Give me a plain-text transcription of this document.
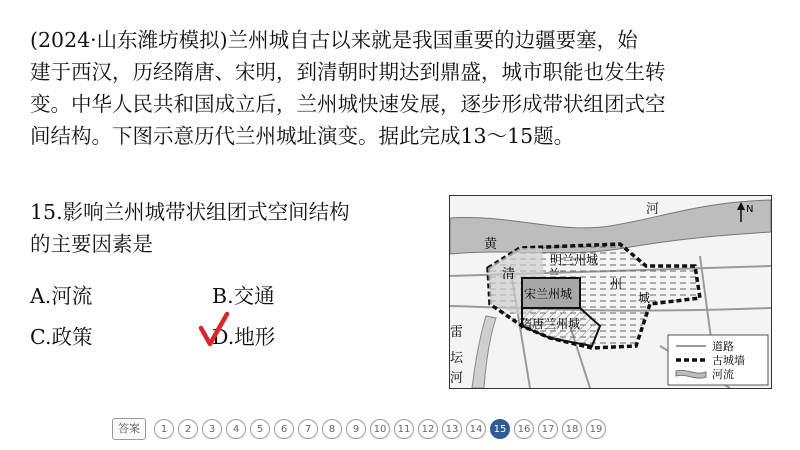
(2024·山东潍坊模拟)兰州城自古以来就是我国重要的边疆要塞，始
建于西汉，历经隋唐、宋明，到清朝时期达到鼎盛，城市职能也发生转
变。中华人民共和国成立后，兰州城快速发展，逐步形成带状组团式空
间结构。下图示意历代兰州城址演变。据此完成13～15题。
15.影响兰州城带状组团式空间结构
的主要因素是
A.河流	B.交通
C.政策	D.地形
河	N
黄
明兰州城
清	兰
州
宋兰州城	城
隋唐兰州城
雷
坛
河
道路
古城墙
河流
答案	1	2	3	4	5	6	7	8	9	10	11	12	13	14	15	16	17	18	19
